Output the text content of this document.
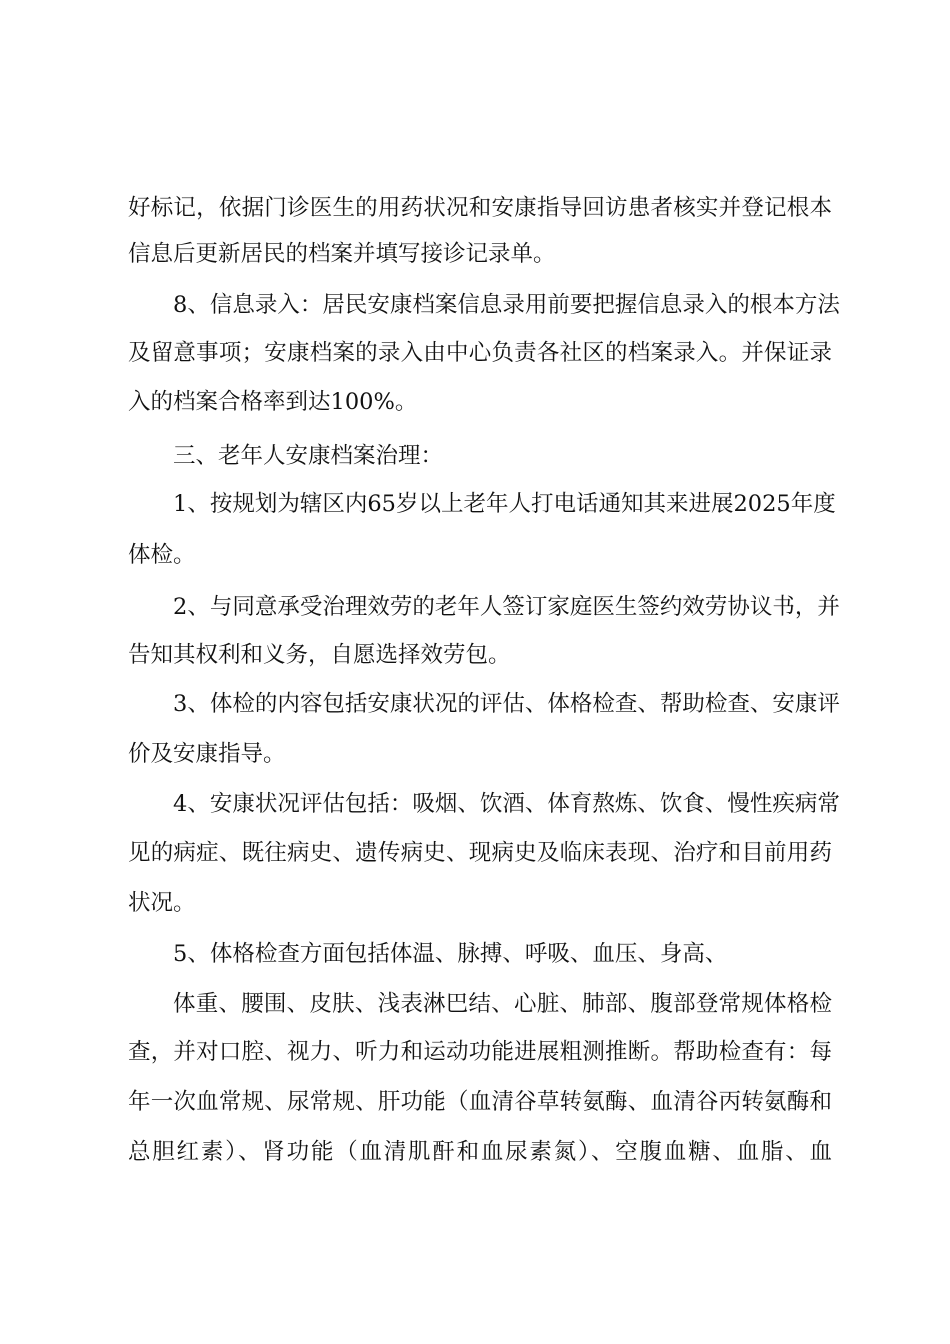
好标记，依据门诊医生的用药状况和安康指导回访患者核实并登记根本
信息后更新居民的档案并填写接诊记录单。
8、信息录入：居民安康档案信息录用前要把握信息录入的根本方法
及留意事项；安康档案的录入由中心负责各社区的档案录入。并保证录
入的档案合格率到达100%。
三、老年人安康档案治理：
1、按规划为辖区内65岁以上老年人打电话通知其来进展2025年度
体检。
2、与同意承受治理效劳的老年人签订家庭医生签约效劳协议书，并
告知其权利和义务，自愿选择效劳包。
3、体检的内容包括安康状况的评估、体格检查、帮助检查、安康评
价及安康指导。
4、安康状况评估包括：吸烟、饮酒、体育熬炼、饮食、慢性疾病常
见的病症、既往病史、遗传病史、现病史及临床表现、治疗和目前用药
状况。
5、体格检查方面包括体温、脉搏、呼吸、血压、身高、
体重、腰围、皮肤、浅表淋巴结、心脏、肺部、腹部登常规体格检
查，并对口腔、视力、听力和运动功能进展粗测推断。帮助检查有：每
年一次血常规、尿常规、肝功能（血清谷草转氨酶、血清谷丙转氨酶和
总胆红素）、肾功能（血清肌酐和血尿素氮）、空腹血糖、血脂、血
